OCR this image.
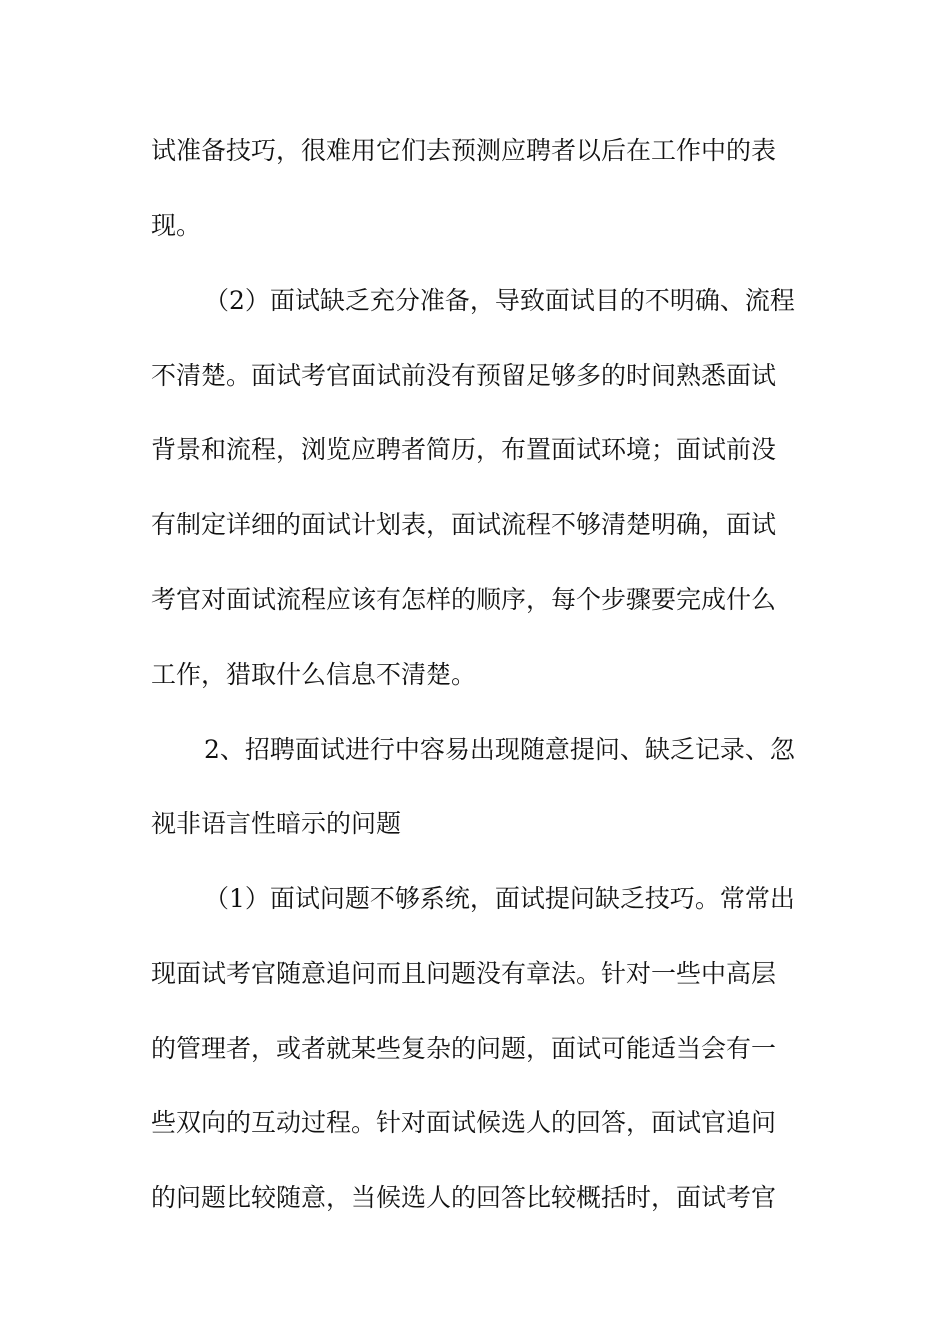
试准备技巧，很难用它们去预测应聘者以后在工作中的表

现。

（2）面试缺乏充分准备，导致面试目的不明确、流程

不清楚。面试考官面试前没有预留足够多的时间熟悉面试

背景和流程，浏览应聘者简历，布置面试环境；面试前没

有制定详细的面试计划表，面试流程不够清楚明确，面试

考官对面试流程应该有怎样的顺序，每个步骤要完成什么

工作，猎取什么信息不清楚。

2、招聘面试进行中容易出现随意提问、缺乏记录、忽

视非语言性暗示的问题

（1）面试问题不够系统，面试提问缺乏技巧。常常出

现面试考官随意追问而且问题没有章法。针对一些中高层

的管理者，或者就某些复杂的问题，面试可能适当会有一

些双向的互动过程。针对面试候选人的回答，面试官追问

的问题比较随意，当候选人的回答比较概括时，面试考官
